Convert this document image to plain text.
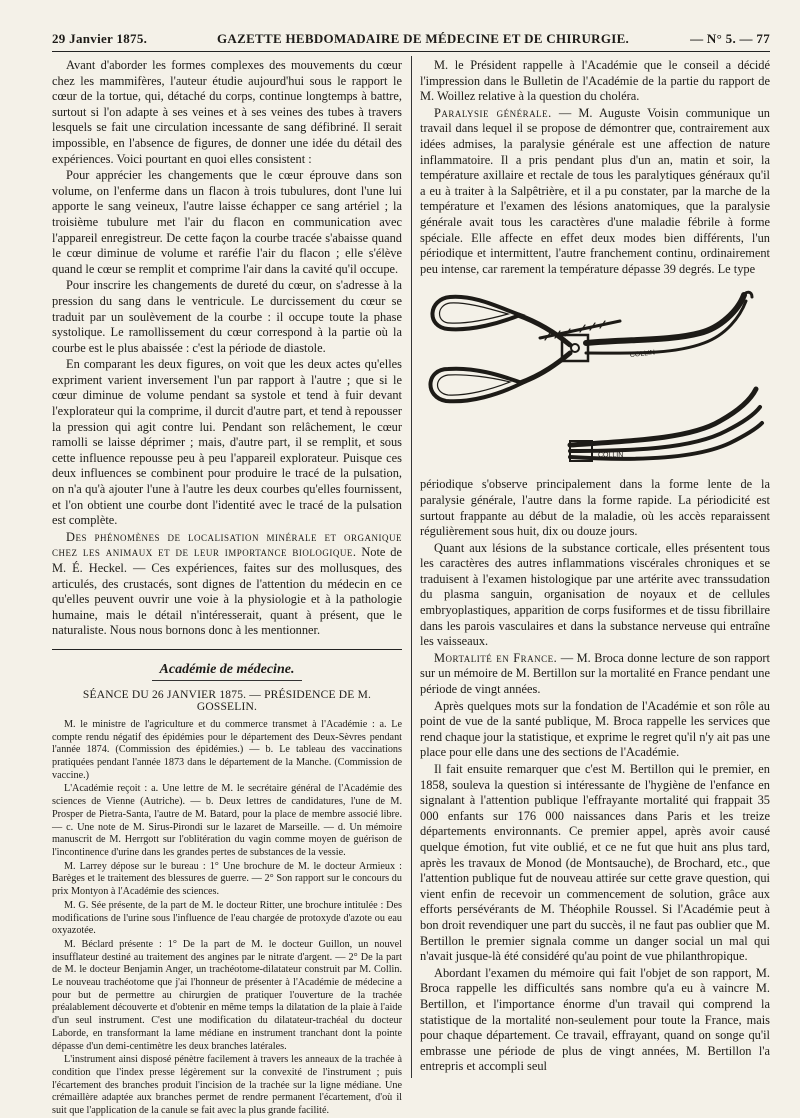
29 Janvier 1875.	GAZETTE HEBDOMADAIRE DE MÉDECINE ET DE CHIRURGIE.	— N° 5. — 77

Avant d'aborder les formes complexes des mouvements du cœur chez les mammifères, l'auteur étudie aujourd'hui sous le rapport le cœur de la tortue, qui, détaché du corps, continue longtemps à battre, surtout si l'on adapte à ses veines et à ses veines des tubes à travers lesquels se fait une circulation incessante de sang défibriné. Il serait impossible, en l'absence de figures, de donner une idée du détail des expériences. Voici pourtant en quoi elles consistent :

Pour apprécier les changements que le cœur éprouve dans son volume, on l'enferme dans un flacon à trois tubulures, dont l'une lui apporte le sang veineux, l'autre laisse échapper ce sang artériel ; la troisième tubulure met l'air du flacon en communication avec l'appareil enregistreur. De cette façon la courbe tracée s'abaisse quand le cœur diminue de volume et raréfie l'air du flacon ; elle s'élève quand le cœur se remplit et comprime l'air dans la cavité qu'il occupe.

Pour inscrire les changements de dureté du cœur, on s'adresse à la pression du sang dans le ventricule. Le durcissement du cœur se traduit par un soulèvement de la courbe : il occupe toute la phase systolique. Le ramollissement du cœur correspond à la partie où la courbe est le plus abaissée : c'est la période de diastole.

En comparant les deux figures, on voit que les deux actes qu'elles expriment varient inversement l'un par rapport à l'autre ; que si le cœur diminue de volume pendant sa systole et tend à fuir devant l'explorateur qui la comprime, il durcit d'autre part, et tend à repousser la pression qui agit contre lui. Pendant son relâchement, le cœur ramolli se laisse déprimer ; mais, d'autre part, il se remplit, et sous cette influence repousse peu à peu l'appareil explorateur. Puisque ces deux influences se combinent pour produire le tracé de la pulsation, on n'a qu'à ajouter l'une à l'autre les deux courbes qu'elles fournissent, et l'on obtient une courbe dont l'identité avec le tracé de la pulsation est complète.

Des phénomènes de localisation minérale et organique chez les animaux et de leur importance biologique. Note de M. É. Heckel. — Ces expériences, faites sur des mollusques, des articulés, des crustacés, sont dignes de l'attention du médecin en ce qu'elles peuvent ouvrir une voie à la physiologie et à la pathologie humaine, mais le détail n'intéresserait, quant à présent, que le naturaliste. Nous nous bornons donc à les mentionner.

Académie de médecine.
SÉANCE DU 26 JANVIER 1875. — PRÉSIDENCE DE M. GOSSELIN.

M. le ministre de l'agriculture et du commerce transmet à l'Académie : a. Le compte rendu négatif des épidémies pour le département des Deux-Sèvres pendant l'année 1874. (Commission des épidémies.) — b. Le tableau des vaccinations pratiquées pendant l'année 1873 dans le département de la Manche. (Commission de vaccine.)

L'Académie reçoit : a. Une lettre de M. le secrétaire général de l'Académie des sciences de Vienne (Autriche). — b. Deux lettres de candidatures, l'une de M. Prosper de Pietra-Santa, l'autre de M. Batard, pour la place de membre associé libre. — c. Une note de M. Sirus-Pirondi sur le lazaret de Marseille. — d. Un mémoire manuscrit de M. Herrgott sur l'oblitération du vagin comme moyen de guérison de l'incontinence d'urine dans les grandes pertes de substances de la vessie.

M. Larrey dépose sur le bureau : 1° Une brochure de M. le docteur Armieux : Barèges et le traitement des blessures de guerre. — 2° Son rapport sur le concours du prix Montyon à l'Académie des sciences.

M. G. Sée présente, de la part de M. le docteur Ritter, une brochure intitulée : Des modifications de l'urine sous l'influence de l'eau chargée de protoxyde d'azote ou eau oxyazotée.

M. Béclard présente : 1° De la part de M. le docteur Guillon, un nouvel insufflateur destiné au traitement des angines par le nitrate d'argent. — 2° De la part de M. le docteur Benjamin Anger, un trachéotome-dilatateur construit par M. Collin. Le nouveau trachéotome que j'ai l'honneur de présenter à l'Académie de médecine a pour but de permettre au chirurgien de pratiquer l'ouverture de la trachée préalablement découverte et d'obtenir en même temps la dilatation de la plaie à l'aide d'un seul instrument. C'est une modification du dilatateur-trachéal du docteur Laborde, en transformant la lame médiane en instrument tranchant dont la pointe dépasse d'un demi-centimètre les deux branches latérales.

L'instrument ainsi disposé pénètre facilement à travers les anneaux de la trachée à condition que l'index presse légèrement sur la convexité de l'instrument ; puis l'écartement des branches produit l'incision de la trachée sur la ligne médiane. Une crémaillère adaptée aux branches permet de rendre permanent l'écartement, d'où il suit que l'application de la canule se fait avec la plus grande facilité.

M. le Président rappelle à l'Académie que le conseil a décidé l'impression dans le Bulletin de l'Académie de la partie du rapport de M. Woillez relative à la question du choléra.

Paralysie générale. — M. Auguste Voisin communique un travail dans lequel il se propose de démontrer que, contrairement aux idées admises, la paralysie générale est une affection de nature inflammatoire. Il a pris pendant plus d'un an, matin et soir, la température axillaire et rectale de tous les paralytiques généraux qu'il a eu à traiter à la Salpêtrière, et il a pu constater, par la marche de la température et l'examen des lésions anatomiques, que la paralysie générale avait tous les caractères d'une maladie fébrile à forme spéciale. Elle affecte en effet deux modes bien différents, l'un périodique et intermittent, l'autre franchement continu, ordinairement peu intense, car rarement la température dépasse 39 degrés. Le type

COLLIN
COLLIN

périodique s'observe principalement dans la forme lente de la paralysie générale, l'autre dans la forme rapide. La périodicité est surtout frappante au début de la maladie, où les accès reparaissent régulièrement sous huit, dix ou douze jours.

Quant aux lésions de la substance corticale, elles présentent tous les caractères des autres inflammations viscérales chroniques et se traduisent à l'examen histologique par une artérite avec transsudation du plasma sanguin, organisation de noyaux et de cellules embryoplastiques, apparition de corps fusiformes et de tissu fibrillaire dans les parois vasculaires et dans la substance nerveuse qui entraîne les vaisseaux.

Mortalité en France. — M. Broca donne lecture de son rapport sur un mémoire de M. Bertillon sur la mortalité en France pendant une période de vingt années.

Après quelques mots sur la fondation de l'Académie et son rôle au point de vue de la santé publique, M. Broca rappelle les services que rend chaque jour la statistique, et exprime le regret qu'il n'y ait pas une place pour elle dans une des sections de l'Académie.

Il fait ensuite remarquer que c'est M. Bertillon qui le premier, en 1858, souleva la question si intéressante de l'hygiène de l'enfance en signalant à l'attention publique l'effrayante mortalité qui frappait 35 000 enfants sur 176 000 naissances dans Paris et les treize départements environnants. Ce premier appel, après avoir causé quelque émotion, fut vite oublié, et ce ne fut que huit ans plus tard, après les travaux de Monod (de Montsauche), de Brochard, etc., que l'attention publique fut de nouveau attirée sur cette grave question, qui vient enfin de recevoir un commencement de solution, grâce aux efforts persévérants de M. Théophile Roussel. Si l'Académie peut à bon droit revendiquer une part du succès, il ne faut pas oublier que M. Bertillon le premier signala comme un danger social un mal qui n'avait jusque-là été considéré qu'au point de vue philanthropique.

Abordant l'examen du mémoire qui fait l'objet de son rapport, M. Broca rappelle les difficultés sans nombre qu'a eu à vaincre M. Bertillon, et l'importance énorme d'un travail qui comprend la statistique de la mortalité non-seulement pour toute la France, mais pour chaque département. Ce travail, effrayant, quand on songe qu'il embrasse une période de plus de vingt années, M. Bertillon l'a entrepris et accompli seul
